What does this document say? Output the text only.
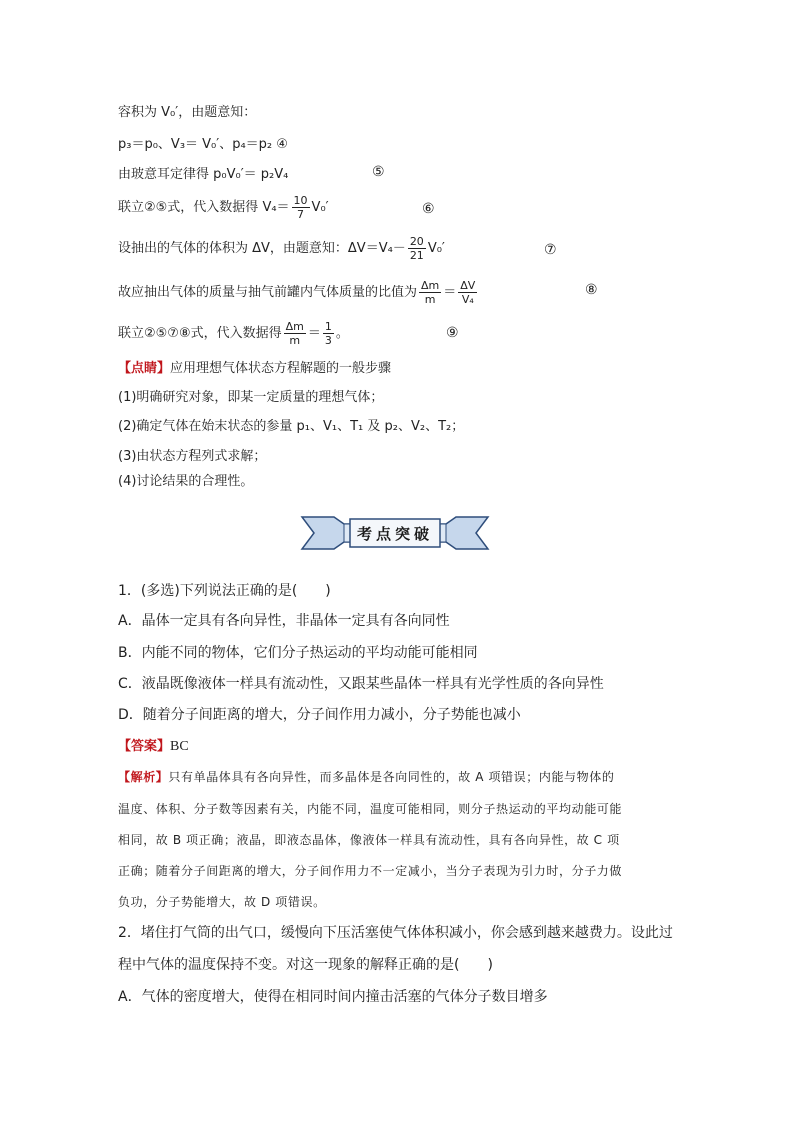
容积为 V₀′，由题意知：
p₃＝p₀、V₃＝ V₀′、p₄＝p₂ ④
由玻意耳定律得 p₀V₀′＝ p₂V₄	⑤
联立②⑤式，代入数据得 $V_4= \frac{10}{7} V_0'$	⑥
设抽出的气体的体积为 ΔV，由题意知：$\Delta V=V_4- \frac{20}{21} V_0'$	⑦
故应抽出气体的质量与抽气前罐内气体质量的比值为 $\frac{\Delta m}{m} = \frac{\Delta V}{\text{V₄}}$	⑧
联立②⑤⑦⑧式，代入数据得 $\frac{\Delta m}{m} = \frac{1}{3}$ 。	⑨
【点睛】应用理想气体状态方程解题的一般步骤
(1)明确研究对象，即某一定质量的理想气体；
(2)确定气体在始末状态的参量 p₁、V₁、T₁ 及 p₂、V₂、T₂；
(3)由状态方程列式求解；
(4)讨论结果的合理性。
考点突破
1．(多选)下列说法正确的是(　　)
A．晶体一定具有各向异性，非晶体一定具有各向同性
B．内能不同的物体，它们分子热运动的平均动能可能相同
C．液晶既像液体一样具有流动性，又跟某些晶体一样具有光学性质的各向异性
D．随着分子间距离的增大，分子间作用力减小，分子势能也减小
【答案】BC
【解析】只有单晶体具有各向异性，而多晶体是各向同性的，故 A 项错误；内能与物体的
温度、体积、分子数等因素有关，内能不同，温度可能相同，则分子热运动的平均动能可能
相同，故 B 项正确；液晶，即液态晶体，像液体一样具有流动性，具有各向异性，故 C 项
正确；随着分子间距离的增大，分子间作用力不一定减小，当分子表现为引力时，分子力做
负功，分子势能增大，故 D 项错误。
2．堵住打气筒的出气口，缓慢向下压活塞使气体体积减小，你会感到越来越费力。设此过
程中气体的温度保持不变。对这一现象的解释正确的是(　　)
A．气体的密度增大，使得在相同时间内撞击活塞的气体分子数目增多
